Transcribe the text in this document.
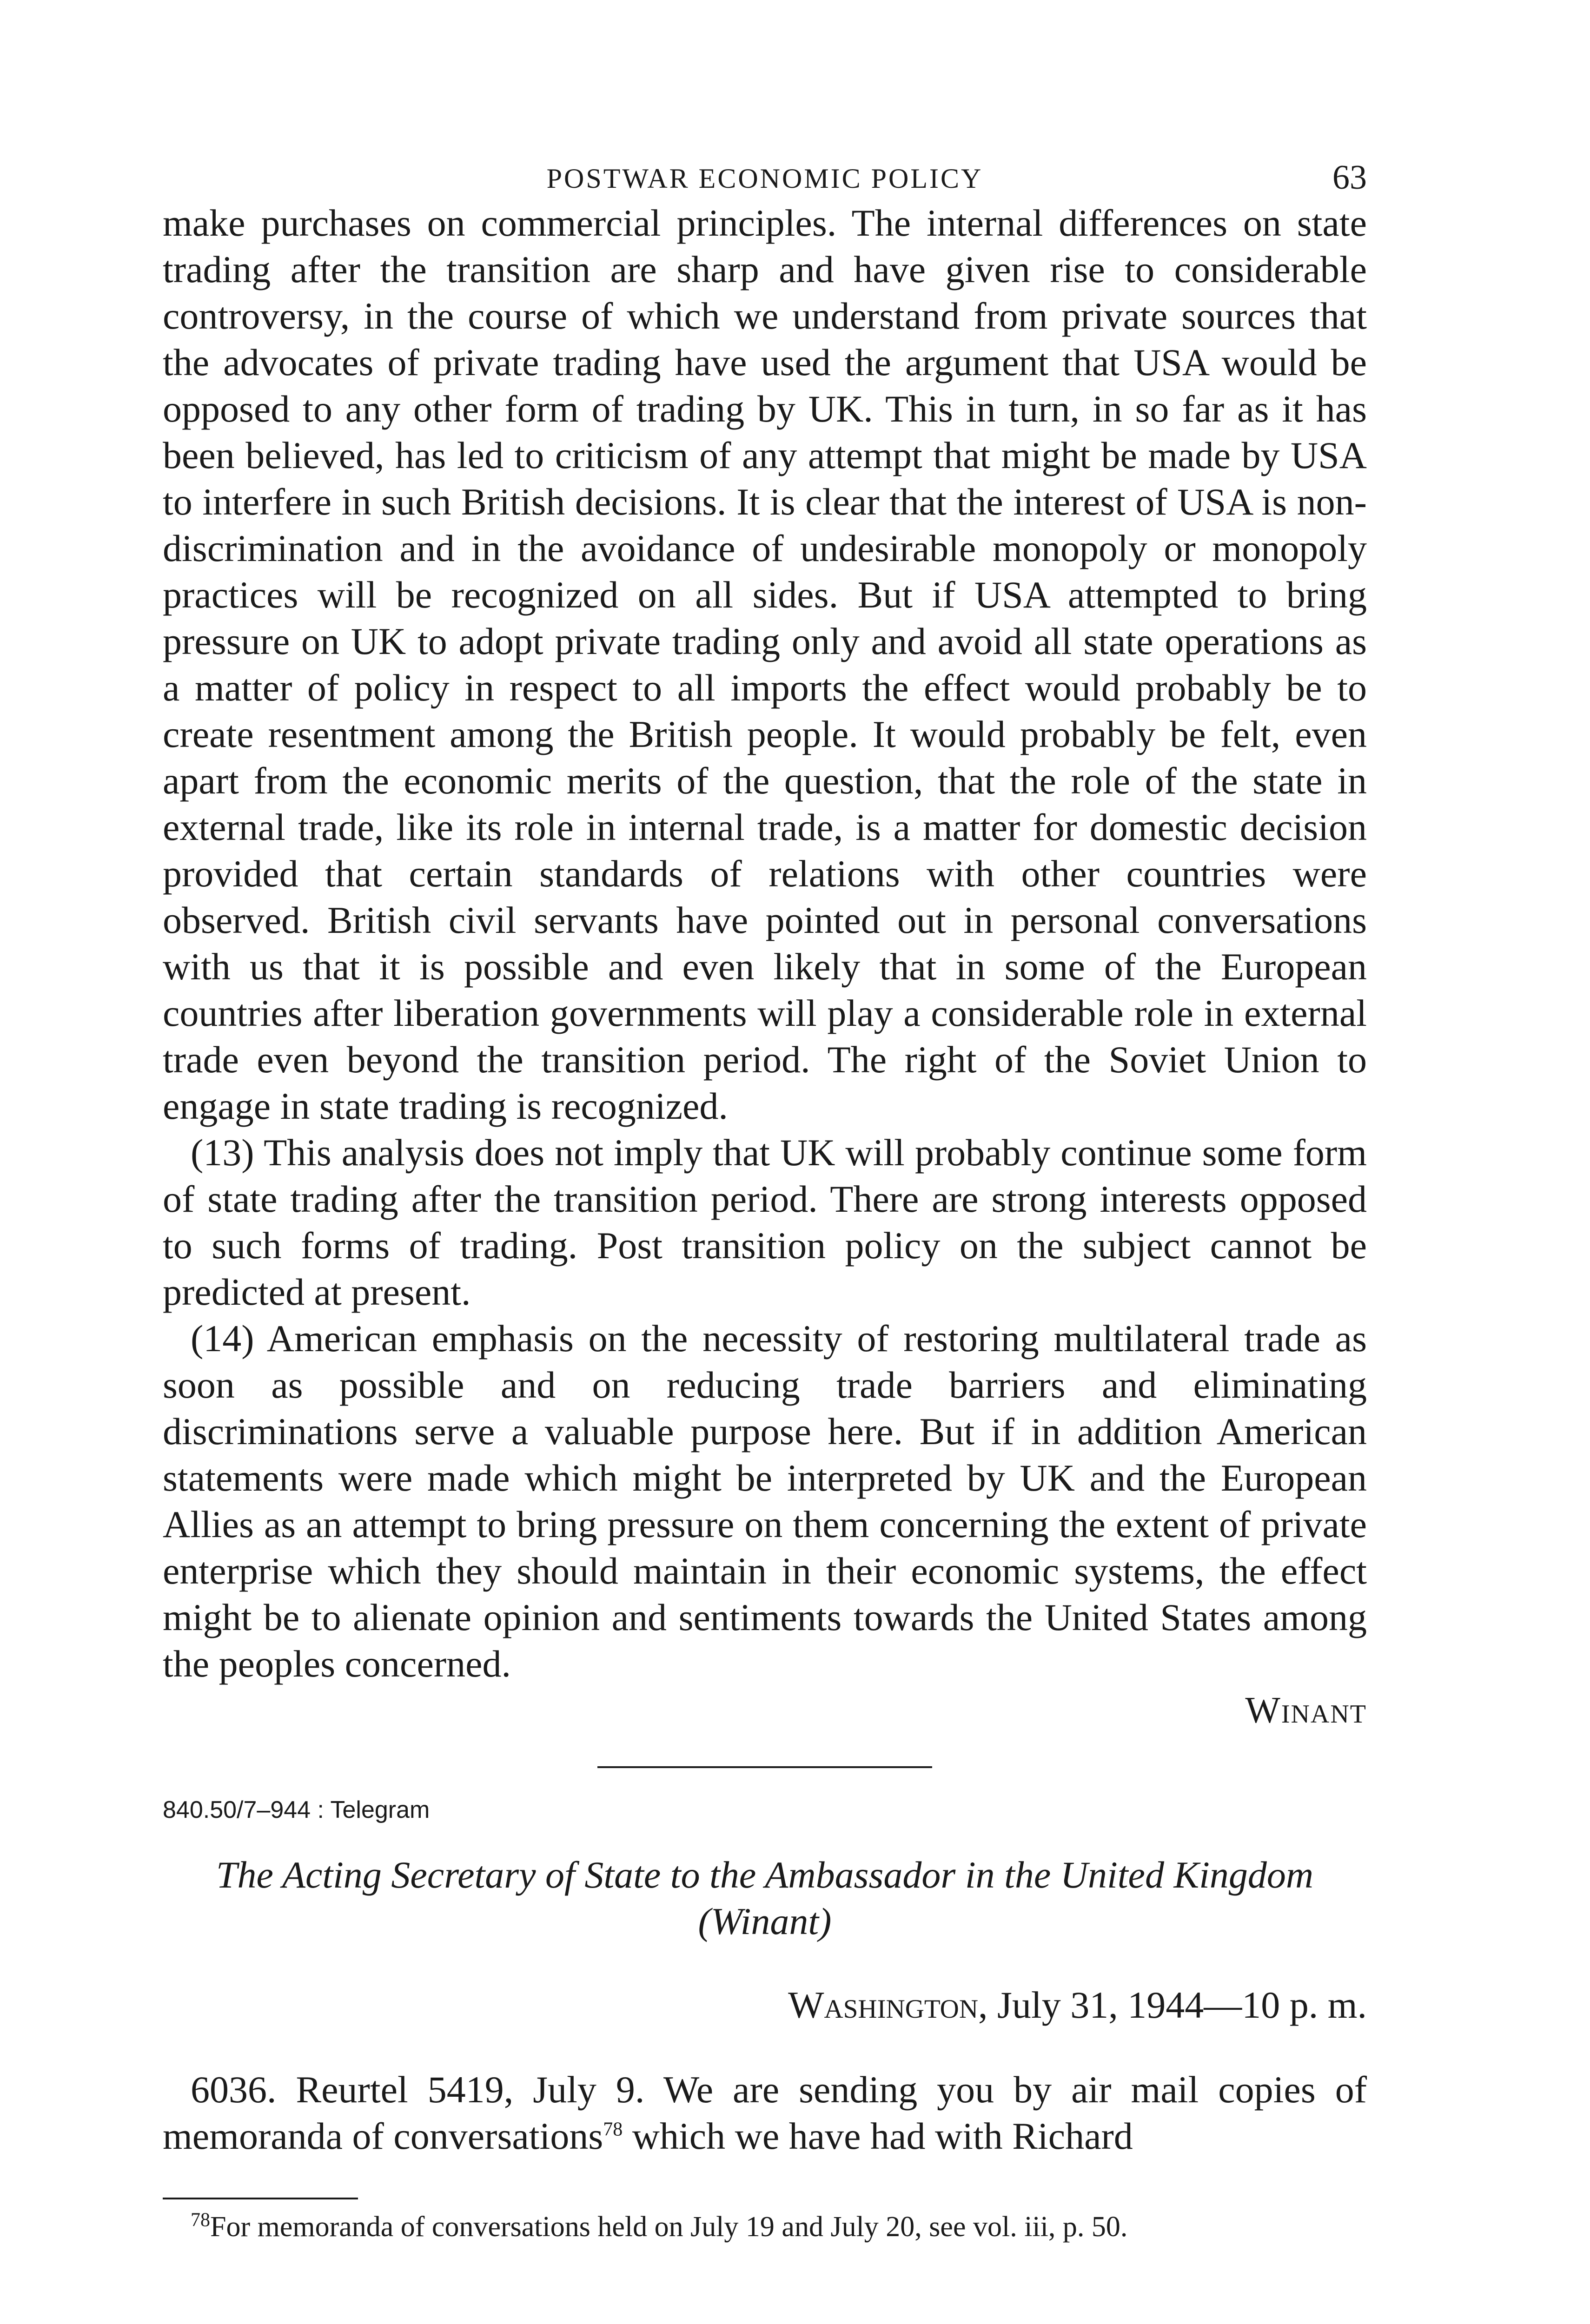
POSTWAR ECONOMIC POLICY	63

make purchases on commercial principles. The internal differences on state trading after the transition are sharp and have given rise to considerable controversy, in the course of which we understand from private sources that the advocates of private trading have used the argument that USA would be opposed to any other form of trading by UK. This in turn, in so far as it has been believed, has led to criticism of any attempt that might be made by USA to interfere in such British decisions. It is clear that the interest of USA is non-discrimination and in the avoidance of undesirable monopoly or monopoly practices will be recognized on all sides. But if USA attempted to bring pressure on UK to adopt private trading only and avoid all state operations as a matter of policy in respect to all imports the effect would probably be to create resentment among the British people. It would probably be felt, even apart from the economic merits of the question, that the role of the state in external trade, like its role in internal trade, is a matter for domestic decision provided that certain standards of relations with other countries were observed. British civil servants have pointed out in personal conversations with us that it is possible and even likely that in some of the European countries after liberation governments will play a considerable role in external trade even beyond the transition period. The right of the Soviet Union to engage in state trading is recognized.

(13) This analysis does not imply that UK will probably continue some form of state trading after the transition period. There are strong interests opposed to such forms of trading. Post transition policy on the subject cannot be predicted at present.

(14) American emphasis on the necessity of restoring multilateral trade as soon as possible and on reducing trade barriers and eliminating discriminations serve a valuable purpose here. But if in addition American statements were made which might be interpreted by UK and the European Allies as an attempt to bring pressure on them concerning the extent of private enterprise which they should maintain in their economic systems, the effect might be to alienate opinion and sentiments towards the United States among the peoples concerned.

Winant
840.50/7–944 : Telegram
The Acting Secretary of State to the Ambassador in the United Kingdom (Winant)
Washington, July 31, 1944—10 p. m.

6036. Reurtel 5419, July 9. We are sending you by air mail copies of memoranda of conversations$^{78}$ which we have had with Richard

$^{78}$For memoranda of conversations held on July 19 and July 20, see vol. iii, p. 50.
